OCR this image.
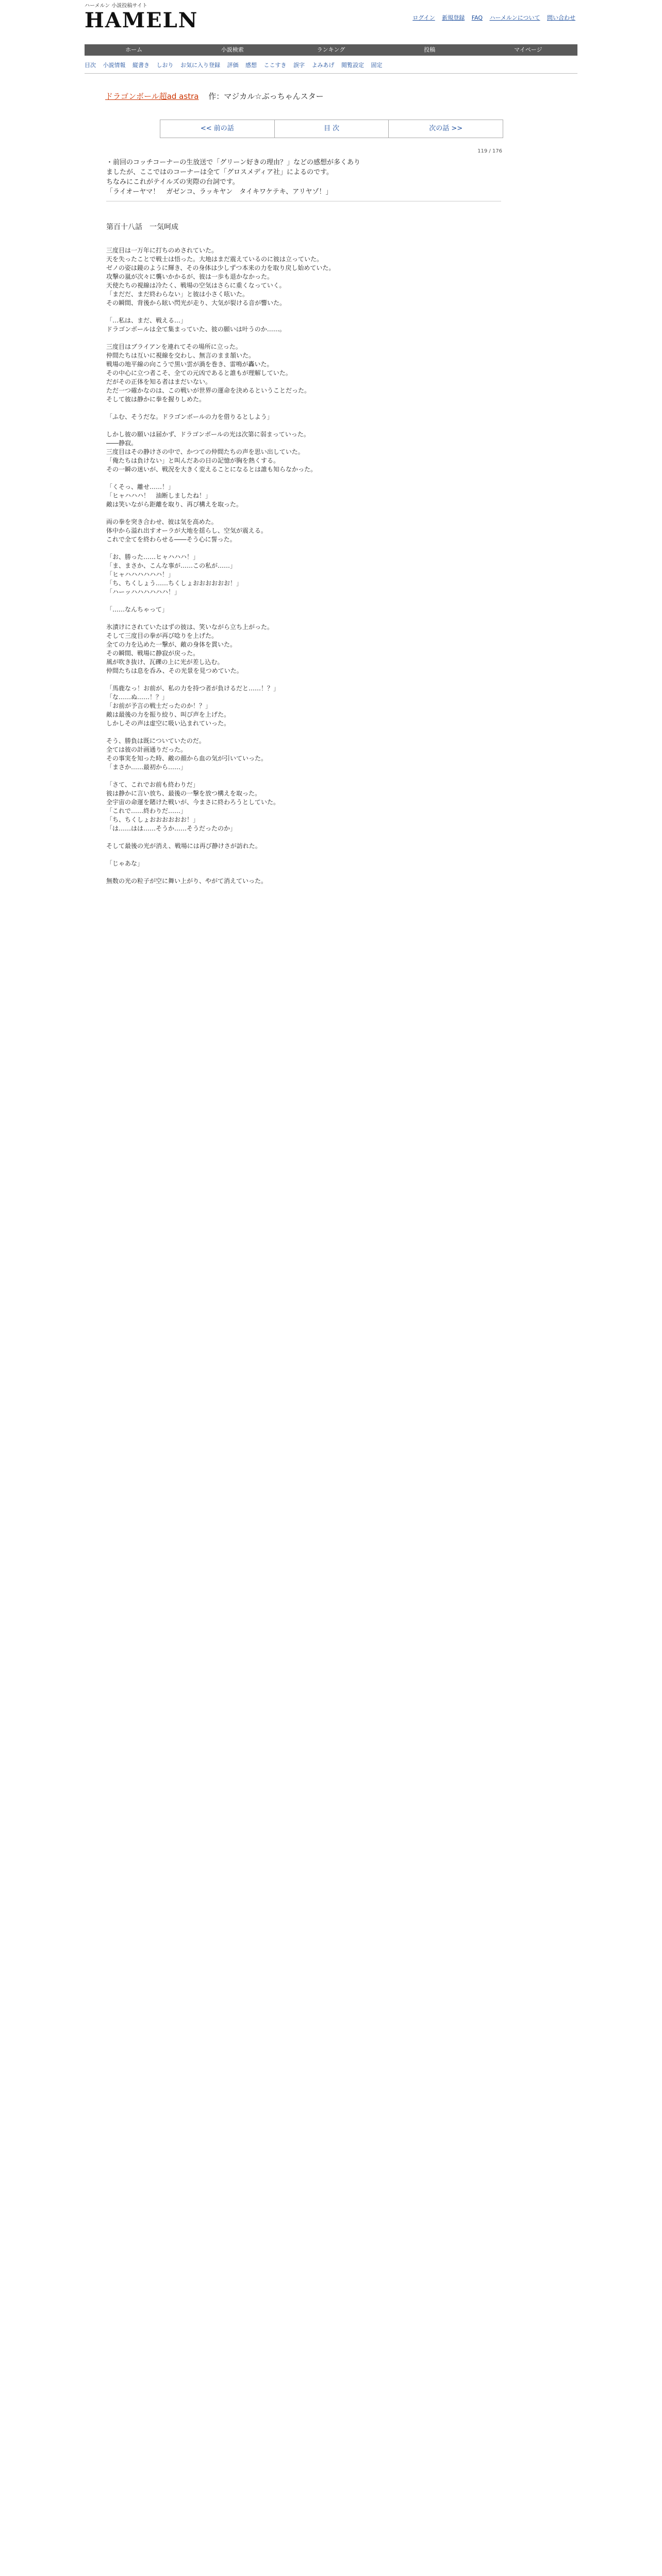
ハーメルン 小説投稿サイト
HAMELN	ログイン 新規登録 FAQ ハーメルンについて 問い合わせ
ホーム	小説検索	ランキング	投稿	マイページ
目次 小説情報 縦書き しおり お気に入り登録 評価 感想 ここすき 誤字 よみあげ 閲覧設定 固定
ドラゴンボール超ad astra 作：マジカル☆ぶっちゃんスター
<< 前の話	目 次	次の話 >>
119 / 176
・前回のコッチコーナーの生放送で「グリーン好きの理由？」などの感想が多くあり
ましたが、ここではのコーナーは全て「グロスメディア社」によるのです。
ちなみにこれがテイルズの実際の台詞です。
「ライオーヤマ！　ガゼンコ、ラッキヤン　タイキワケテキ、アリヤゾ！」
第百十八話　一気呵成

三度目は一万年に打ちのめされていた。
天を失ったことで戦士は悟った。大地はまだ震えているのに彼は立っていた。
ゼノの姿は鏡のように輝き、その身体は少しずつ本来の力を取り戻し始めていた。
攻撃の嵐が次々に襲いかかるが、彼は一歩も退かなかった。
天使たちの視線は冷たく、戦場の空気はさらに重くなっていく。
「まだだ、まだ終わらない」と彼は小さく呟いた。
その瞬間、背後から眩い閃光が走り、大気が裂ける音が響いた。

「…私は、まだ、戦える…」
ドラゴンボールは全て集まっていた、彼の願いは叶うのか……。

三度目はブライアンを連れてその場所に立った。
仲間たちは互いに視線を交わし、無言のまま頷いた。
戦場の地平線の向こうで黒い雲が渦を巻き、雷鳴が轟いた。
その中心に立つ者こそ、全ての元凶であると誰もが理解していた。
だがその正体を知る者はまだいない。
ただ一つ確かなのは、この戦いが世界の運命を決めるということだった。
そして彼は静かに拳を握りしめた。

「ふむ、そうだな。ドラゴンボールの力を借りるとしよう」

しかし彼の願いは届かず、ドラゴンボールの光は次第に弱まっていった。
――静寂。
三度目はその静けさの中で、かつての仲間たちの声を思い出していた。
「俺たちは負けない」と叫んだあの日の記憶が胸を熱くする。
その一瞬の迷いが、戦況を大きく変えることになるとは誰も知らなかった。

「くそっ、離せ……！」
「ヒャハハハ！　油断しましたね！」
敵は笑いながら距離を取り、再び構えを取った。

両の拳を突き合わせ、彼は気を高めた。
体中から溢れ出すオーラが大地を揺らし、空気が震える。
これで全てを終わらせる――そう心に誓った。

「お、勝った……ヒャハハハ！」
「ま、まさか、こんな事が……この私が……」
「ヒャハハハハハハ！」
「ち、ちくしょう……ちくしょおおおおおお！」
「ハーッハハハハハハ！」

「……なんちゃって」

氷漬けにされていたはずの彼は、笑いながら立ち上がった。
そして三度目の拳が再び唸りを上げた。
全ての力を込めた一撃が、敵の身体を貫いた。
その瞬間、戦場に静寂が戻った。
風が吹き抜け、瓦礫の上に光が差し込む。
仲間たちは息を呑み、その光景を見つめていた。

「馬鹿なっ！お前が、私の力を持つ者が負けるだと……！？」
「な……ぬ……！？」
「お前が予言の戦士だったのか！？」
敵は最後の力を振り絞り、叫び声を上げた。
しかしその声は虚空に吸い込まれていった。

そう、勝負は既についていたのだ。
全ては彼の計画通りだった。
その事実を知った時、敵の顔から血の気が引いていった。
「まさか……最初から……」

「さて、これでお前も終わりだ」
彼は静かに言い放ち、最後の一撃を放つ構えを取った。
全宇宙の命運を賭けた戦いが、今まさに終わろうとしていた。
「これで……終わりだ……」
「ち、ちくしょおおおおおお！」
「は……はは……そうか……そうだったのか」

そして最後の光が消え、戦場には再び静けさが訪れた。

「じゃあな」

無数の光の粒子が空に舞い上がり、やがて消えていった。
